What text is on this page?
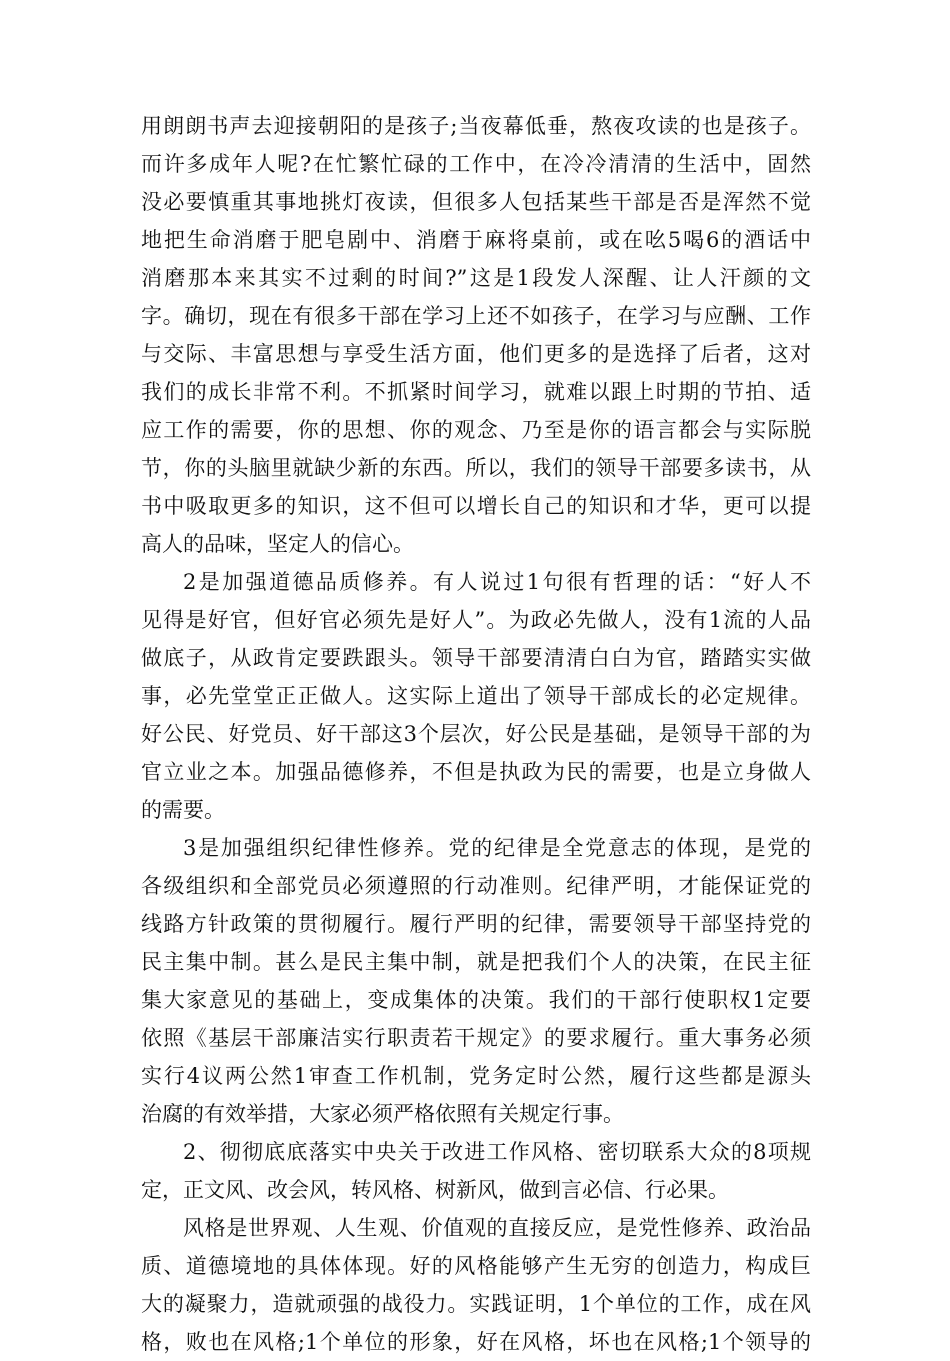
用朗朗书声去迎接朝阳的是孩子;当夜幕低垂，熬夜攻读的也是孩子。
而许多成年人呢?在忙繁忙碌的工作中，在冷冷清清的生活中，固然
没必要慎重其事地挑灯夜读，但很多人包括某些干部是否是浑然不觉
地把生命消磨于肥皂剧中、消磨于麻将桌前，或在吆5喝6的酒话中
消磨那本来其实不过剩的时间?”这是1段发人深醒、让人汗颜的文
字。确切，现在有很多干部在学习上还不如孩子，在学习与应酬、工作
与交际、丰富思想与享受生活方面，他们更多的是选择了后者，这对
我们的成长非常不利。不抓紧时间学习，就难以跟上时期的节拍、适
应工作的需要，你的思想、你的观念、乃至是你的语言都会与实际脱
节，你的头脑里就缺少新的东西。所以，我们的领导干部要多读书，从
书中吸取更多的知识，这不但可以增长自己的知识和才华，更可以提
高人的品味，坚定人的信心。
2是加强道德品质修养。有人说过1句很有哲理的话：“好人不
见得是好官，但好官必须先是好人”。为政必先做人，没有1流的人品
做底子，从政肯定要跌跟头。领导干部要清清白白为官，踏踏实实做
事，必先堂堂正正做人。这实际上道出了领导干部成长的必定规律。
好公民、好党员、好干部这3个层次，好公民是基础，是领导干部的为
官立业之本。加强品德修养，不但是执政为民的需要，也是立身做人
的需要。
3是加强组织纪律性修养。党的纪律是全党意志的体现，是党的
各级组织和全部党员必须遵照的行动准则。纪律严明，才能保证党的
线路方针政策的贯彻履行。履行严明的纪律，需要领导干部坚持党的
民主集中制。甚么是民主集中制，就是把我们个人的决策，在民主征
集大家意见的基础上，变成集体的决策。我们的干部行使职权1定要
依照《基层干部廉洁实行职责若干规定》的要求履行。重大事务必须
实行4议两公然1审查工作机制，党务定时公然，履行这些都是源头
治腐的有效举措，大家必须严格依照有关规定行事。
2、彻彻底底落实中央关于改进工作风格、密切联系大众的8项规
定，正文风、改会风，转风格、树新风，做到言必信、行必果。
风格是世界观、人生观、价值观的直接反应，是党性修养、政治品
质、道德境地的具体体现。好的风格能够产生无穷的创造力，构成巨
大的凝聚力，造就顽强的战役力。实践证明，1个单位的工作，成在风
格，败也在风格;1个单位的形象，好在风格，坏也在风格;1个领导的
